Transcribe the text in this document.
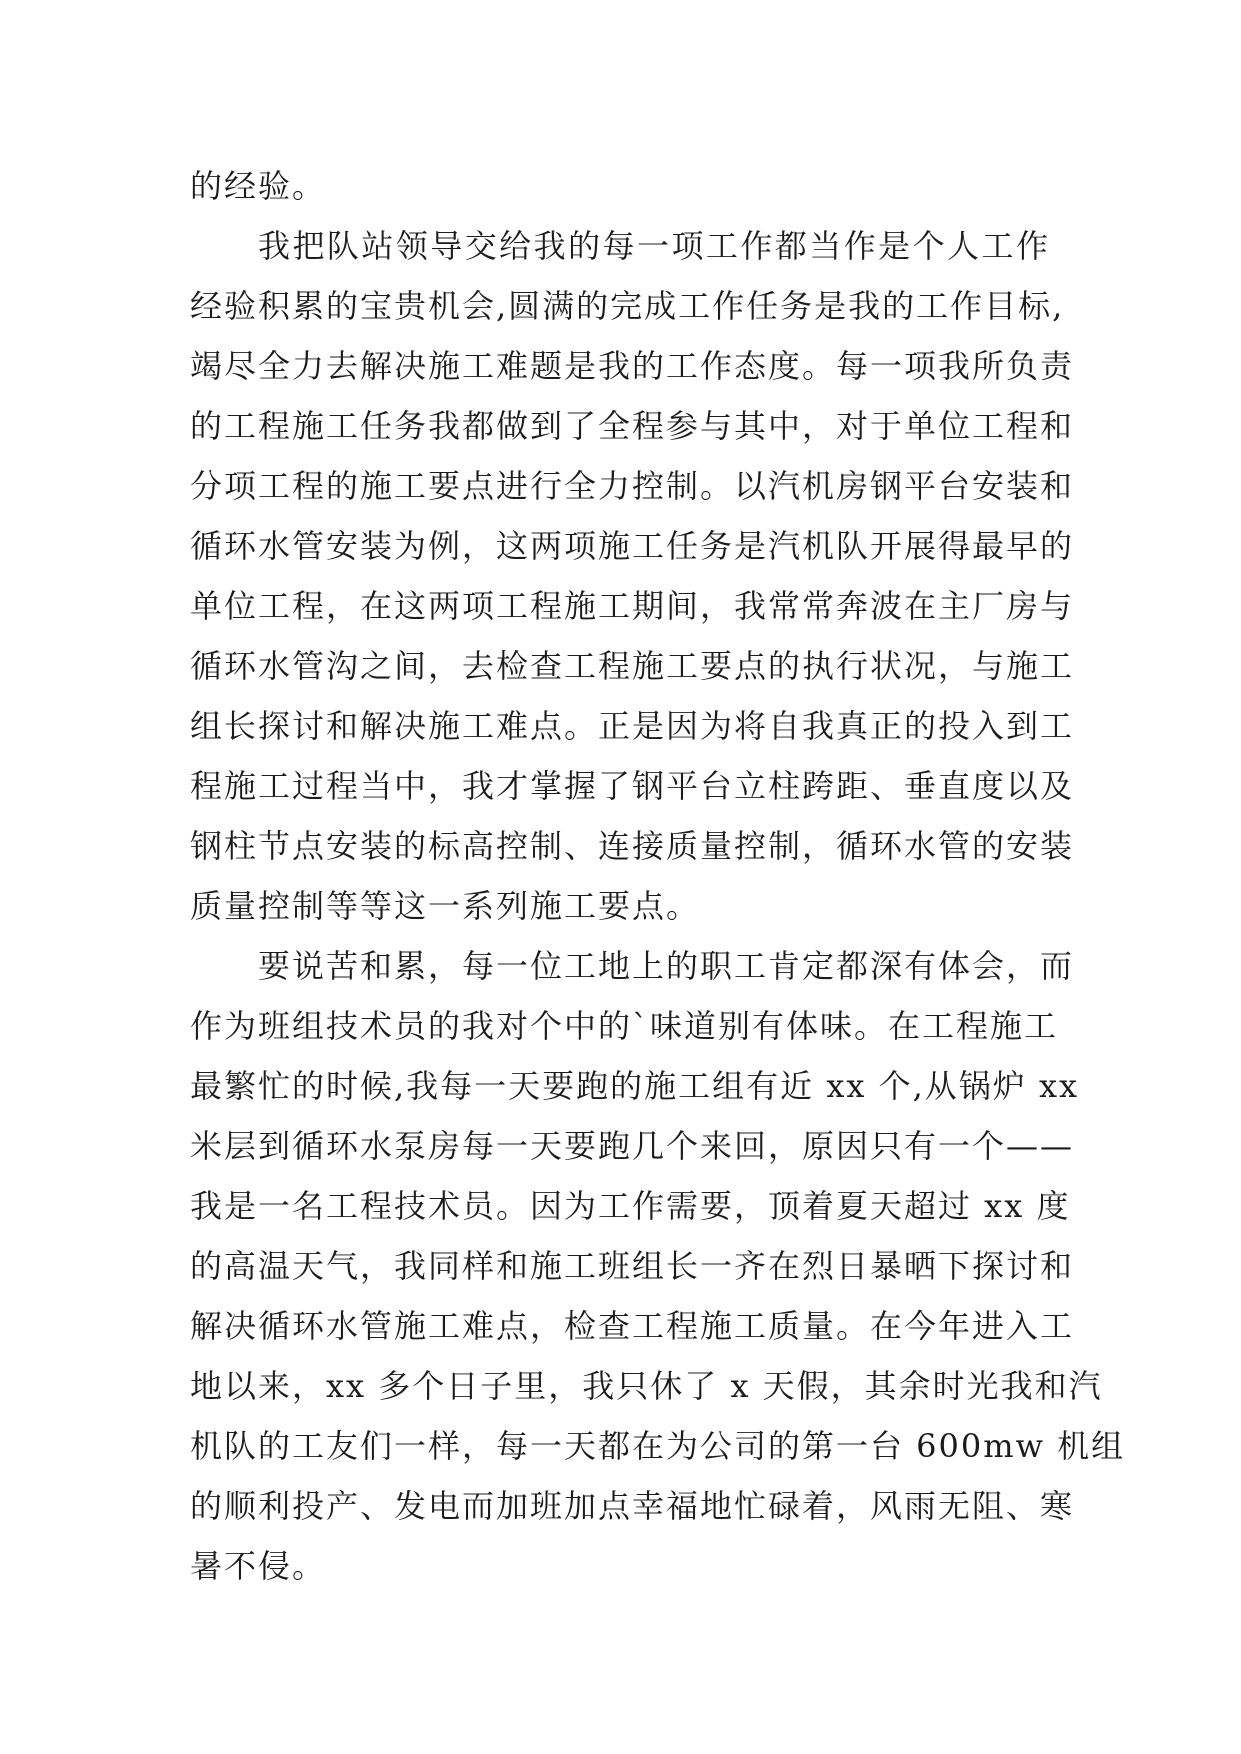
的经验。
我把队站领导交给我的每一项工作都当作是个人工作
经验积累的宝贵机会,圆满的完成工作任务是我的工作目标,
竭尽全力去解决施工难题是我的工作态度。每一项我所负责
的工程施工任务我都做到了全程参与其中，对于单位工程和
分项工程的施工要点进行全力控制。以汽机房钢平台安装和
循环水管安装为例，这两项施工任务是汽机队开展得最早的
单位工程，在这两项工程施工期间，我常常奔波在主厂房与
循环水管沟之间，去检查工程施工要点的执行状况，与施工
组长探讨和解决施工难点。正是因为将自我真正的投入到工
程施工过程当中，我才掌握了钢平台立柱跨距、垂直度以及
钢柱节点安装的标高控制、连接质量控制，循环水管的安装
质量控制等等这一系列施工要点。
要说苦和累，每一位工地上的职工肯定都深有体会，而
作为班组技术员的我对个中的`味道别有体味。在工程施工
最繁忙的时候,我每一天要跑的施工组有近 xx 个,从锅炉 xx
米层到循环水泵房每一天要跑几个来回，原因只有一个——
我是一名工程技术员。因为工作需要，顶着夏天超过 xx 度
的高温天气，我同样和施工班组长一齐在烈日暴晒下探讨和
解决循环水管施工难点，检查工程施工质量。在今年进入工
地以来，xx 多个日子里，我只休了 x 天假，其余时光我和汽
机队的工友们一样，每一天都在为公司的第一台 600mw 机组
的顺利投产、发电而加班加点幸福地忙碌着，风雨无阻、寒
暑不侵。
